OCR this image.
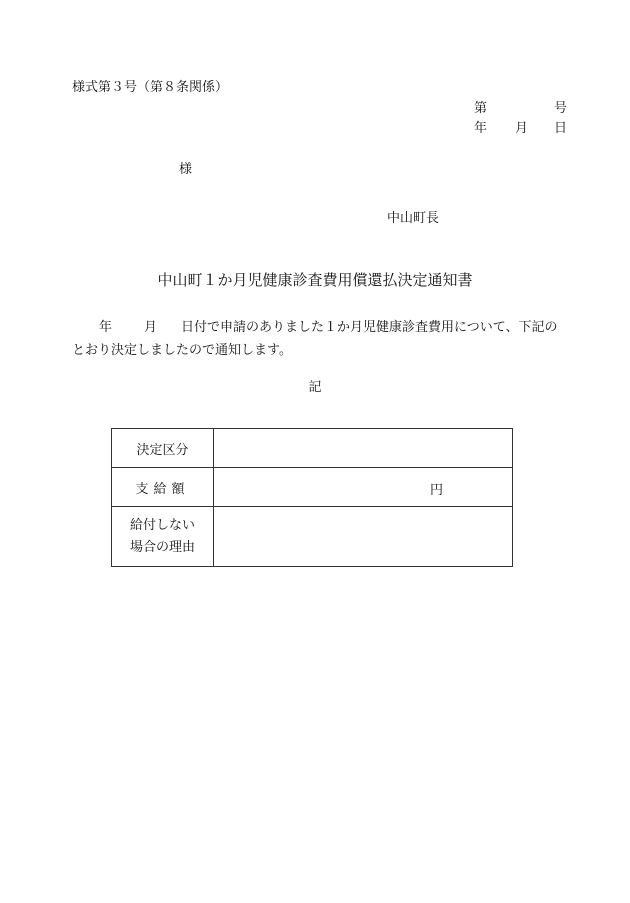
様式第３号（第８条関係）
第	号
年 月 日
様
中山町長
中山町１か月児健康診査費用償還払決定通知書
年 月 日付で申請のありました１か月児健康診査費用について、下記の
とおり決定しましたので通知します。
記
決定区分	
支給額	円

給付しない
場合の理由	
